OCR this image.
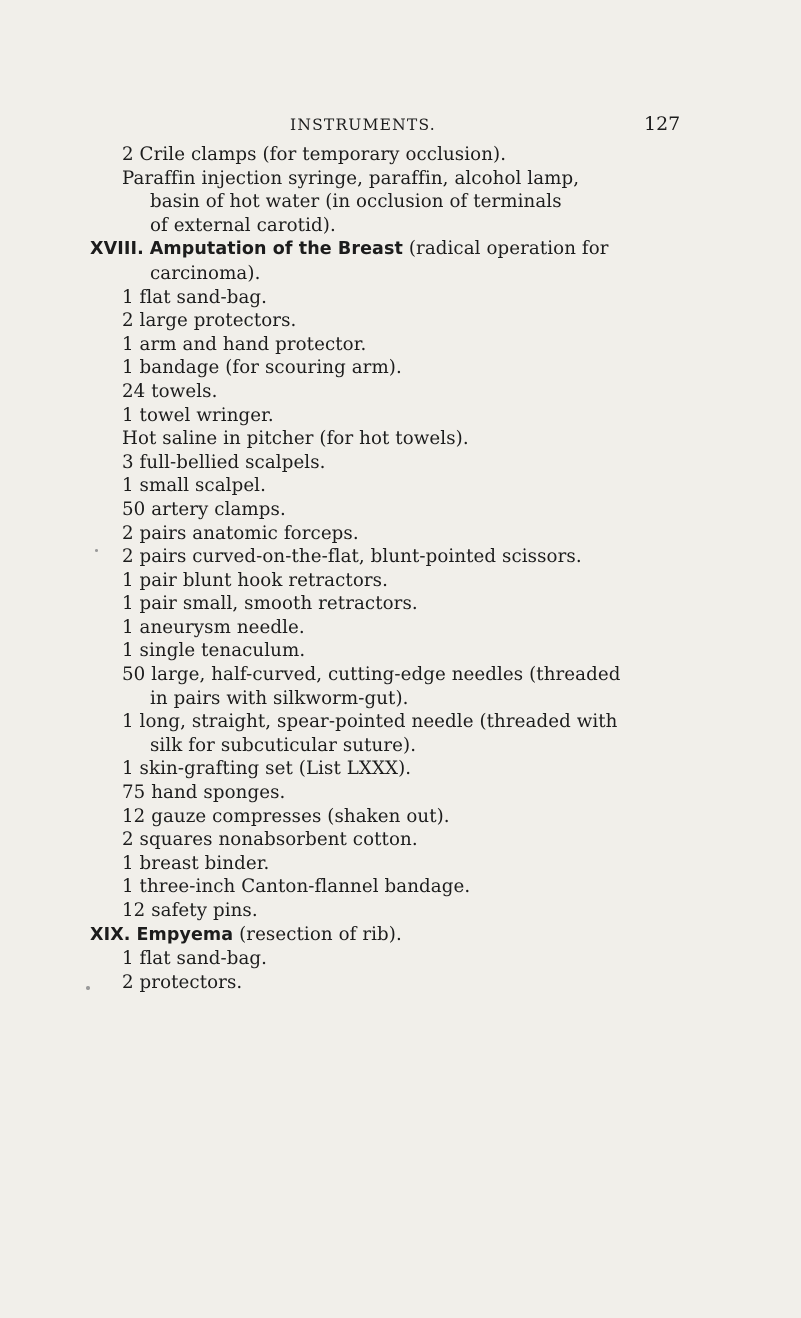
INSTRUMENTS.	127
2 Crile clamps (for temporary occlusion).
Paraffin injection syringe, paraffin, alcohol lamp,
basin of hot water (in occlusion of terminals
of external carotid).
XVIII. Amputation of the Breast (radical operation for
carcinoma).
1 flat sand-bag.
2 large protectors.
1 arm and hand protector.
1 bandage (for scouring arm).
24 towels.
1 towel wringer.
Hot saline in pitcher (for hot towels).
3 full-bellied scalpels.
1 small scalpel.
50 artery clamps.
2 pairs anatomic forceps.
2 pairs curved-on-the-flat, blunt-pointed scissors.
1 pair blunt hook retractors.
1 pair small, smooth retractors.
1 aneurysm needle.
1 single tenaculum.
50 large, half-curved, cutting-edge needles (threaded
in pairs with silkworm-gut).
1 long, straight, spear-pointed needle (threaded with
silk for subcuticular suture).
1 skin-grafting set (List LXXX).
75 hand sponges.
12 gauze compresses (shaken out).
2 squares nonabsorbent cotton.
1 breast binder.
1 three-inch Canton-flannel bandage.
12 safety pins.
XIX. Empyema (resection of rib).
1 flat sand-bag.
2 protectors.
